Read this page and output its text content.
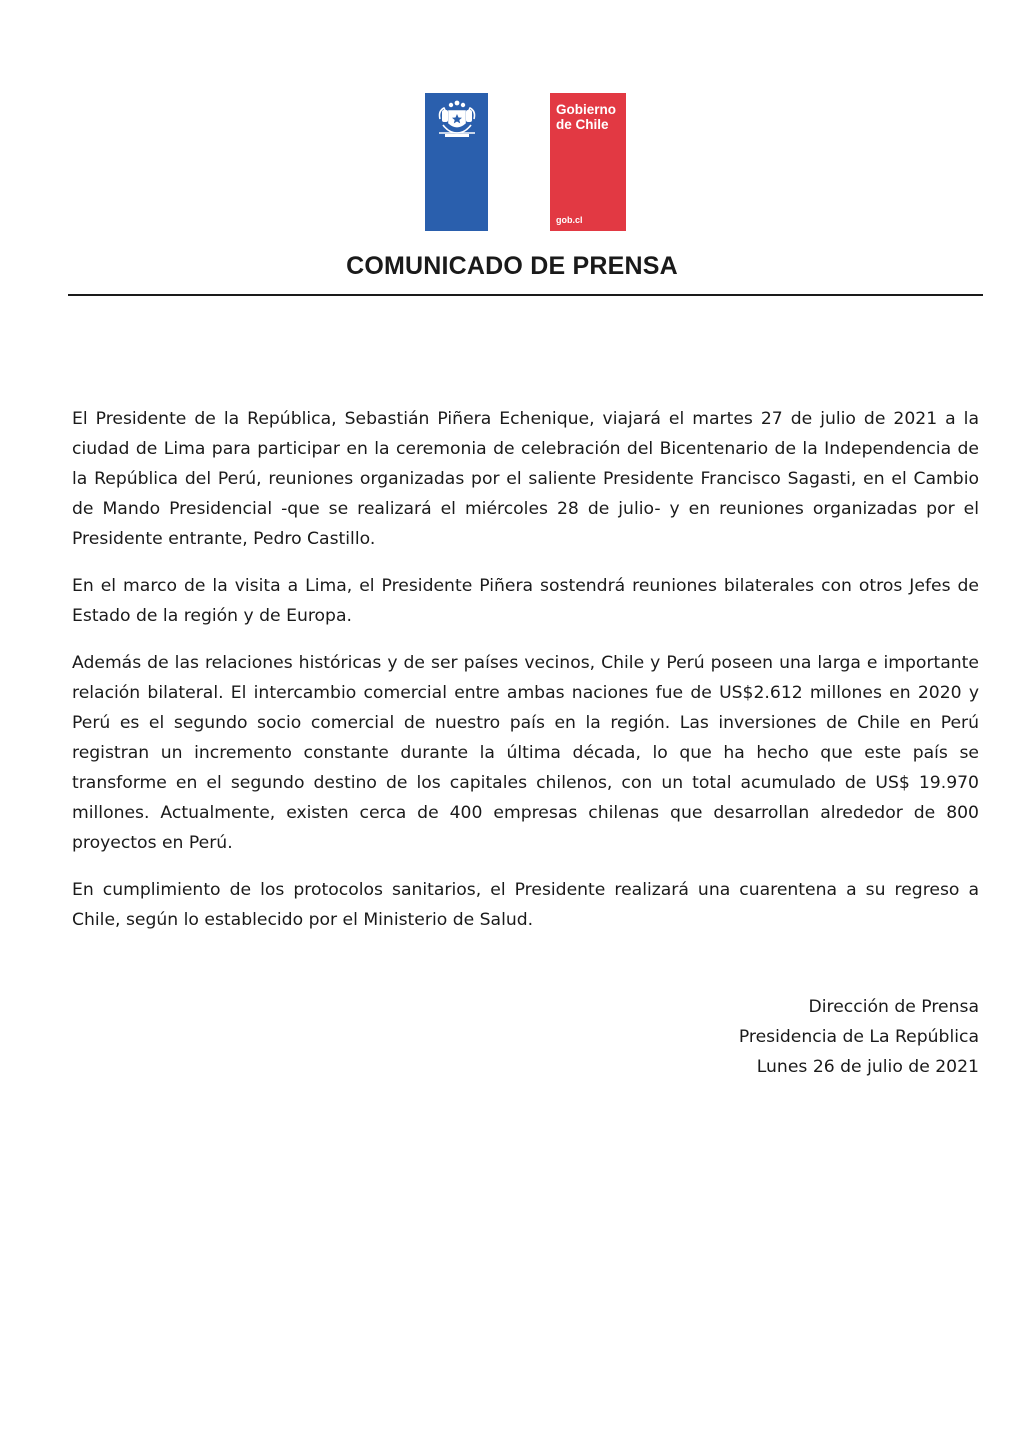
Gobierno
de Chile
gob.cl
COMUNICADO DE PRENSA

El Presidente de la República, Sebastián Piñera Echenique, viajará el martes 27 de julio de 2021 a la ciudad de Lima para participar en la ceremonia de celebración del Bicentenario de la Independencia de la República del Perú, reuniones organizadas por el saliente Presidente Francisco Sagasti, en el Cambio de Mando Presidencial -que se realizará el miércoles 28 de julio- y en reuniones organizadas por el Presidente entrante, Pedro Castillo.

En el marco de la visita a Lima, el Presidente Piñera sostendrá reuniones bilaterales con otros Jefes de Estado de la región y de Europa.

Además de las relaciones históricas y de ser países vecinos, Chile y Perú poseen una larga e importante relación bilateral. El intercambio comercial entre ambas naciones fue de US$2.612 millones en 2020 y Perú es el segundo socio comercial de nuestro país en la región. Las inversiones de Chile en Perú registran un incremento constante durante la última década, lo que ha hecho que este país se transforme en el segundo destino de los capitales chilenos, con un total acumulado de US$ 19.970 millones. Actualmente, existen cerca de 400 empresas chilenas que desarrollan alrededor de 800 proyectos en Perú.

En cumplimiento de los protocolos sanitarios, el Presidente realizará una cuarentena a su regreso a Chile, según lo establecido por el Ministerio de Salud.

Dirección de Prensa
Presidencia de La República
Lunes 26 de julio de 2021
